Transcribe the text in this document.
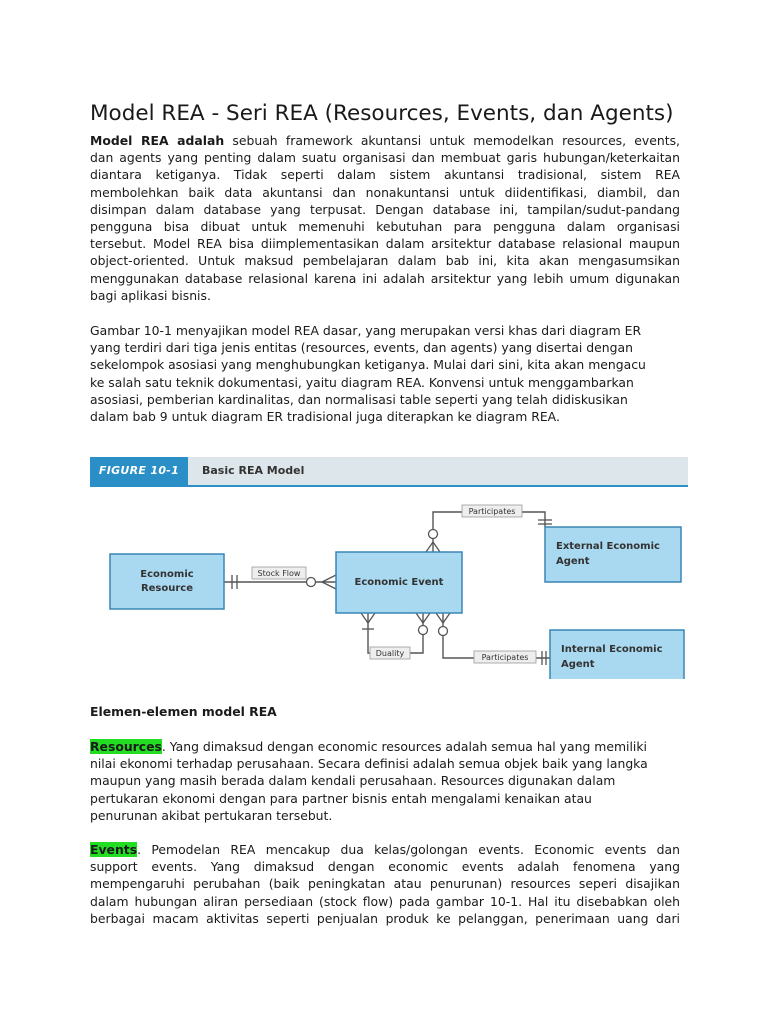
Model REA - Seri REA (Resources, Events, dan Agents)
Model REA adalah sebuah framework akuntansi untuk memodelkan resources, events,
dan agents yang penting dalam suatu organisasi dan membuat garis hubungan/keterkaitan
diantara ketiganya. Tidak seperti dalam sistem akuntansi tradisional, sistem REA
membolehkan baik data akuntansi dan nonakuntansi untuk diidentifikasi, diambil, dan
disimpan dalam database yang terpusat. Dengan database ini, tampilan/sudut-pandang
pengguna bisa dibuat untuk memenuhi kebutuhan para pengguna dalam organisasi
tersebut. Model REA bisa diimplementasikan dalam arsitektur database relasional maupun
object-oriented. Untuk maksud pembelajaran dalam bab ini, kita akan mengasumsikan
menggunakan database relasional karena ini adalah arsitektur yang lebih umum digunakan
bagi aplikasi bisnis.
Gambar 10-1 menyajikan model REA dasar, yang merupakan versi khas dari diagram ER
yang terdiri dari tiga jenis entitas (resources, events, dan agents) yang disertai dengan
sekelompok asosiasi yang menghubungkan ketiganya. Mulai dari sini, kita akan mengacu
ke salah satu teknik dokumentasi, yaitu diagram REA. Konvensi untuk menggambarkan
asosiasi, pemberian kardinalitas, dan normalisasi table seperti yang telah didiskusikan
dalam bab 9 untuk diagram ER tradisional juga diterapkan ke diagram REA.
FIGURE 10-1	Basic REA Model
Economic
Resource
Economic Event
External Economic
Agent
Internal Economic
Agent
Stock Flow
Participates
Participates
Duality
Elemen-elemen model REA
Resources. Yang dimaksud dengan economic resources adalah semua hal yang memiliki
nilai ekonomi terhadap perusahaan. Secara definisi adalah semua objek baik yang langka
maupun yang masih berada dalam kendali perusahaan. Resources digunakan dalam
pertukaran ekonomi dengan para partner bisnis entah mengalami kenaikan atau
penurunan akibat pertukaran tersebut.
Events. Pemodelan REA mencakup dua kelas/golongan events. Economic events dan
support events. Yang dimaksud dengan economic events adalah fenomena yang
mempengaruhi perubahan (baik peningkatan atau penurunan) resources seperi disajikan
dalam hubungan aliran persediaan (stock flow) pada gambar 10-1. Hal itu disebabkan oleh
berbagai macam aktivitas seperti penjualan produk ke pelanggan, penerimaan uang dari
